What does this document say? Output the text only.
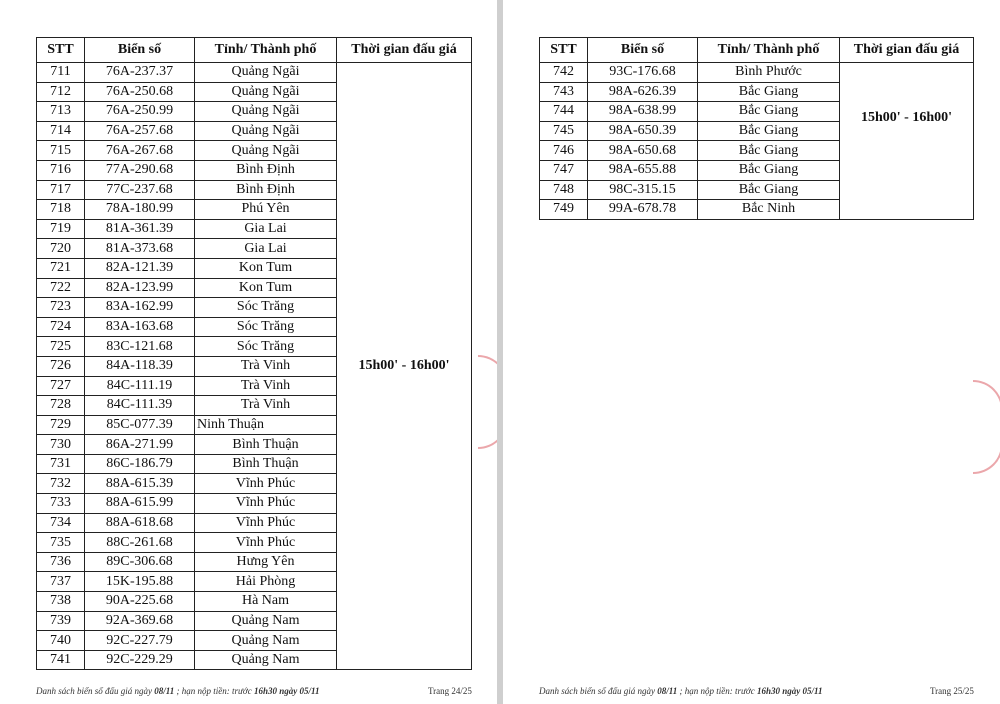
STT	Biển số	Tỉnh/ Thành phố	Thời gian đấu giá
711	76A-237.37	Quảng Ngãi	15h00' - 16h00'
712	76A-250.68	Quảng Ngãi	
713	76A-250.99	Quảng Ngãi	
714	76A-257.68	Quảng Ngãi	
715	76A-267.68	Quảng Ngãi	
716	77A-290.68	Bình Định	
717	77C-237.68	Bình Định	
718	78A-180.99	Phú Yên	
719	81A-361.39	Gia Lai	
720	81A-373.68	Gia Lai	
721	82A-121.39	Kon Tum	
722	82A-123.99	Kon Tum	
723	83A-162.99	Sóc Trăng	
724	83A-163.68	Sóc Trăng	
725	83C-121.68	Sóc Trăng	
726	84A-118.39	Trà Vinh	
727	84C-111.19	Trà Vinh	
728	84C-111.39	Trà Vinh	
729	85C-077.39	Ninh Thuận	
730	86A-271.99	Bình Thuận	
731	86C-186.79	Bình Thuận	
732	88A-615.39	Vĩnh Phúc	
733	88A-615.99	Vĩnh Phúc	
734	88A-618.68	Vĩnh Phúc	
735	88C-261.68	Vĩnh Phúc	
736	89C-306.68	Hưng Yên	
737	15K-195.88	Hải Phòng	
738	90A-225.68	Hà Nam	
739	92A-369.68	Quảng Nam	
740	92C-227.79	Quảng Nam	
741	92C-229.29	Quảng Nam	
Danh sách biển số đấu giá ngày 08/11 ; hạn nộp tiền: trước 16h30 ngày 05/11	Trang 24/25
STT	Biển số	Tỉnh/ Thành phố	Thời gian đấu giá
742	93C-176.68	Bình Phước	15h00' - 16h00'
743	98A-626.39	Bắc Giang	
744	98A-638.99	Bắc Giang	
745	98A-650.39	Bắc Giang	
746	98A-650.68	Bắc Giang	
747	98A-655.88	Bắc Giang	
748	98C-315.15	Bắc Giang	
749	99A-678.78	Bắc Ninh	
Danh sách biển số đấu giá ngày 08/11 ; hạn nộp tiền: trước 16h30 ngày 05/11	Trang 25/25
